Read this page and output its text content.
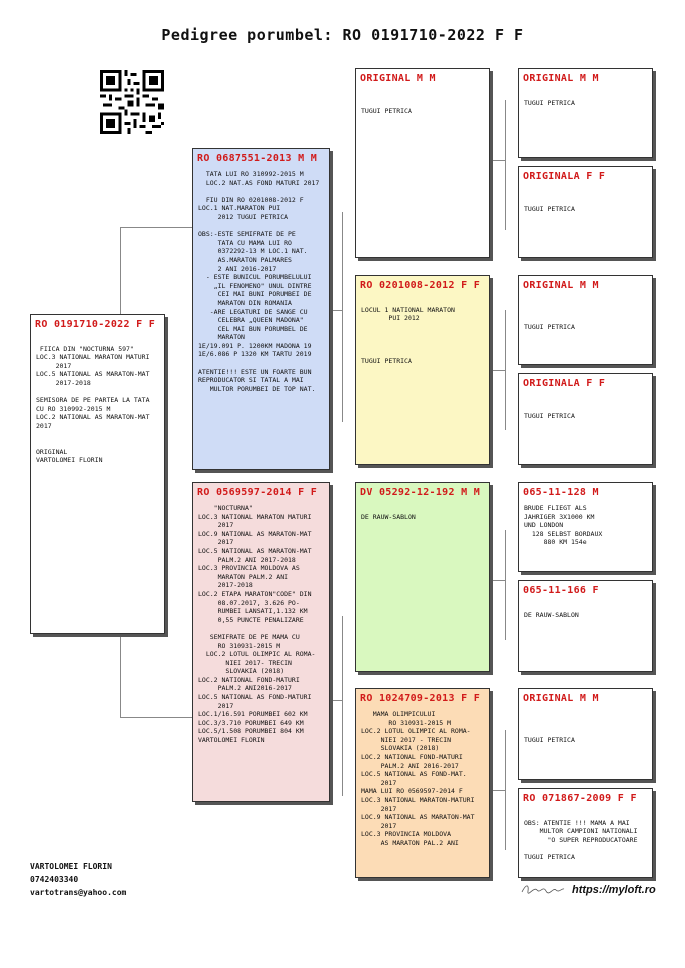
Pedigree porumbel: RO 0191710-2022 F F
RO 0191710-2022 F F

FIICA DIN "NOCTURNA 597"
LOC.3 NATIONAL MARATON MATURI
2017
LOC.5 NATIONAL AS MARATON-MAT
2017-2018

SEMISORA DE PE PARTEA LA TATA
CU RO 310992-2015 M
LOC.2 NATIONAL AS MARATON-MAT
2017

ORIGINAL
VARTOLOMEI FLORIN
RO 0687551-2013 M M
TATA LUI RO 310992-2015 M
LOC.2 NAT.AS FOND MATURI 2017

FIU DIN RO 0201008-2012 F
LOC.1 NAT.MARATON PUI
2012 TUGUI PETRICA

OBS:-ESTE SEMIFRATE DE PE
TATA CU MAMA LUI RO
0372292-13 M LOC.1 NAT.
AS.MARATON PALMARES
2 ANI 2016-2017
- ESTE BUNICUL PORUMBELULUI
„IL FENOMENO" UNUL DINTRE
CEI MAI BUNI PORUMBEI DE
MARATON DIN ROMANIA
-ARE LEGATURI DE SANGE CU
CELEBRA „QUEEN MADONA"
CEL MAI BUN PORUMBEL DE
MARATON
1E/19.091 P. 1200KM MADONA 19
1E/6.086 P 1320 KM TARTU 2019

ATENTIE!!! ESTE UN FOARTE BUN
REPRODUCATOR SI TATAL A MAI
MULTOR PORUMBEI DE TOP NAT.
RO 0569597-2014 F F
"NOCTURNA"
LOC.3 NATIONAL MARATON MATURI
2017
LOC.9 NATIONAL AS MARATON-MAT
2017
LOC.5 NATIONAL AS MARATON-MAT
PALM.2 ANI 2017-2018
LOC.3 PROVINCIA MOLDOVA AS
MARATON PALM.2 ANI
2017-2018
LOC.2 ETAPA MARATON"CODE" DIN
08.07.2017, 3.626 PO-
RUMBEI LANSATI,1.132 KM
0,55 PUNCTE PENALIZARE

SEMIFRATE DE PE MAMA CU
RO 310931-2015 M
LOC.2 LOTUL OLIMPIC AL ROMA-
NIEI 2017- TRECIN
SLOVAKIA (2018)
LOC.2 NATIONAL FOND-MATURI
PALM.2 ANI2016-2017
LOC.5 NATIONAL AS FOND-MATURI
2017
LOC.1/16.591 PORUMBEI 602 KM
LOC.3/3.710 PORUMBEI 649 KM
LOC.5/1.508 PORUMBEI 804 KM
VARTOLOMEI FLORIN
ORIGINAL M M

TUGUI PETRICA
RO 0201008-2012 F F

LOCUL 1 NATIONAL MARATON
PUI 2012

TUGUI PETRICA
DV 05292-12-192 M M

DE RAUW-SABLON
RO 1024709-2013 F F
MAMA OLIMPICULUI
RO 310931-2015 M
LOC.2 LOTUL OLIMPIC AL ROMA-
NIEI 2017 - TRECIN
SLOVAKIA (2018)
LOC.2 NATIONAL FOND-MATURI
PALM.2 ANI 2016-2017
LOC.5 NATIONAL AS FOND-MAT.
2017
MAMA LUI RO 0569597-2014 F
LOC.3 NATIONAL MARATON-MATURI
2017
LOC.9 NATIONAL AS MARATON-MAT
2017
LOC.3 PROVINCIA MOLDOVA
AS MARATON PAL.2 ANI
ORIGINAL M M

TUGUI PETRICA
ORIGINALA F F

TUGUI PETRICA
ORIGINAL M M

TUGUI PETRICA
ORIGINALA F F

TUGUI PETRICA
065-11-128 M
BRUDE FLIEGT ALS
JAHRIGER 3X1000 KM
UND LONDON
128 SELBST BORDAUX
880 KM 154e
065-11-166 F

DE RAUW-SABLON
ORIGINAL M M

TUGUI PETRICA
RO 071867-2009 F F

OBS: ATENTIE !!! MAMA A MAI
MULTOR CAMPIONI NATIONALI
"O SUPER REPRODUCATOARE

TUGUI PETRICA
VARTOLOMEI FLORIN
0742403340
vartotrans@yahoo.com	https://myloft.ro
